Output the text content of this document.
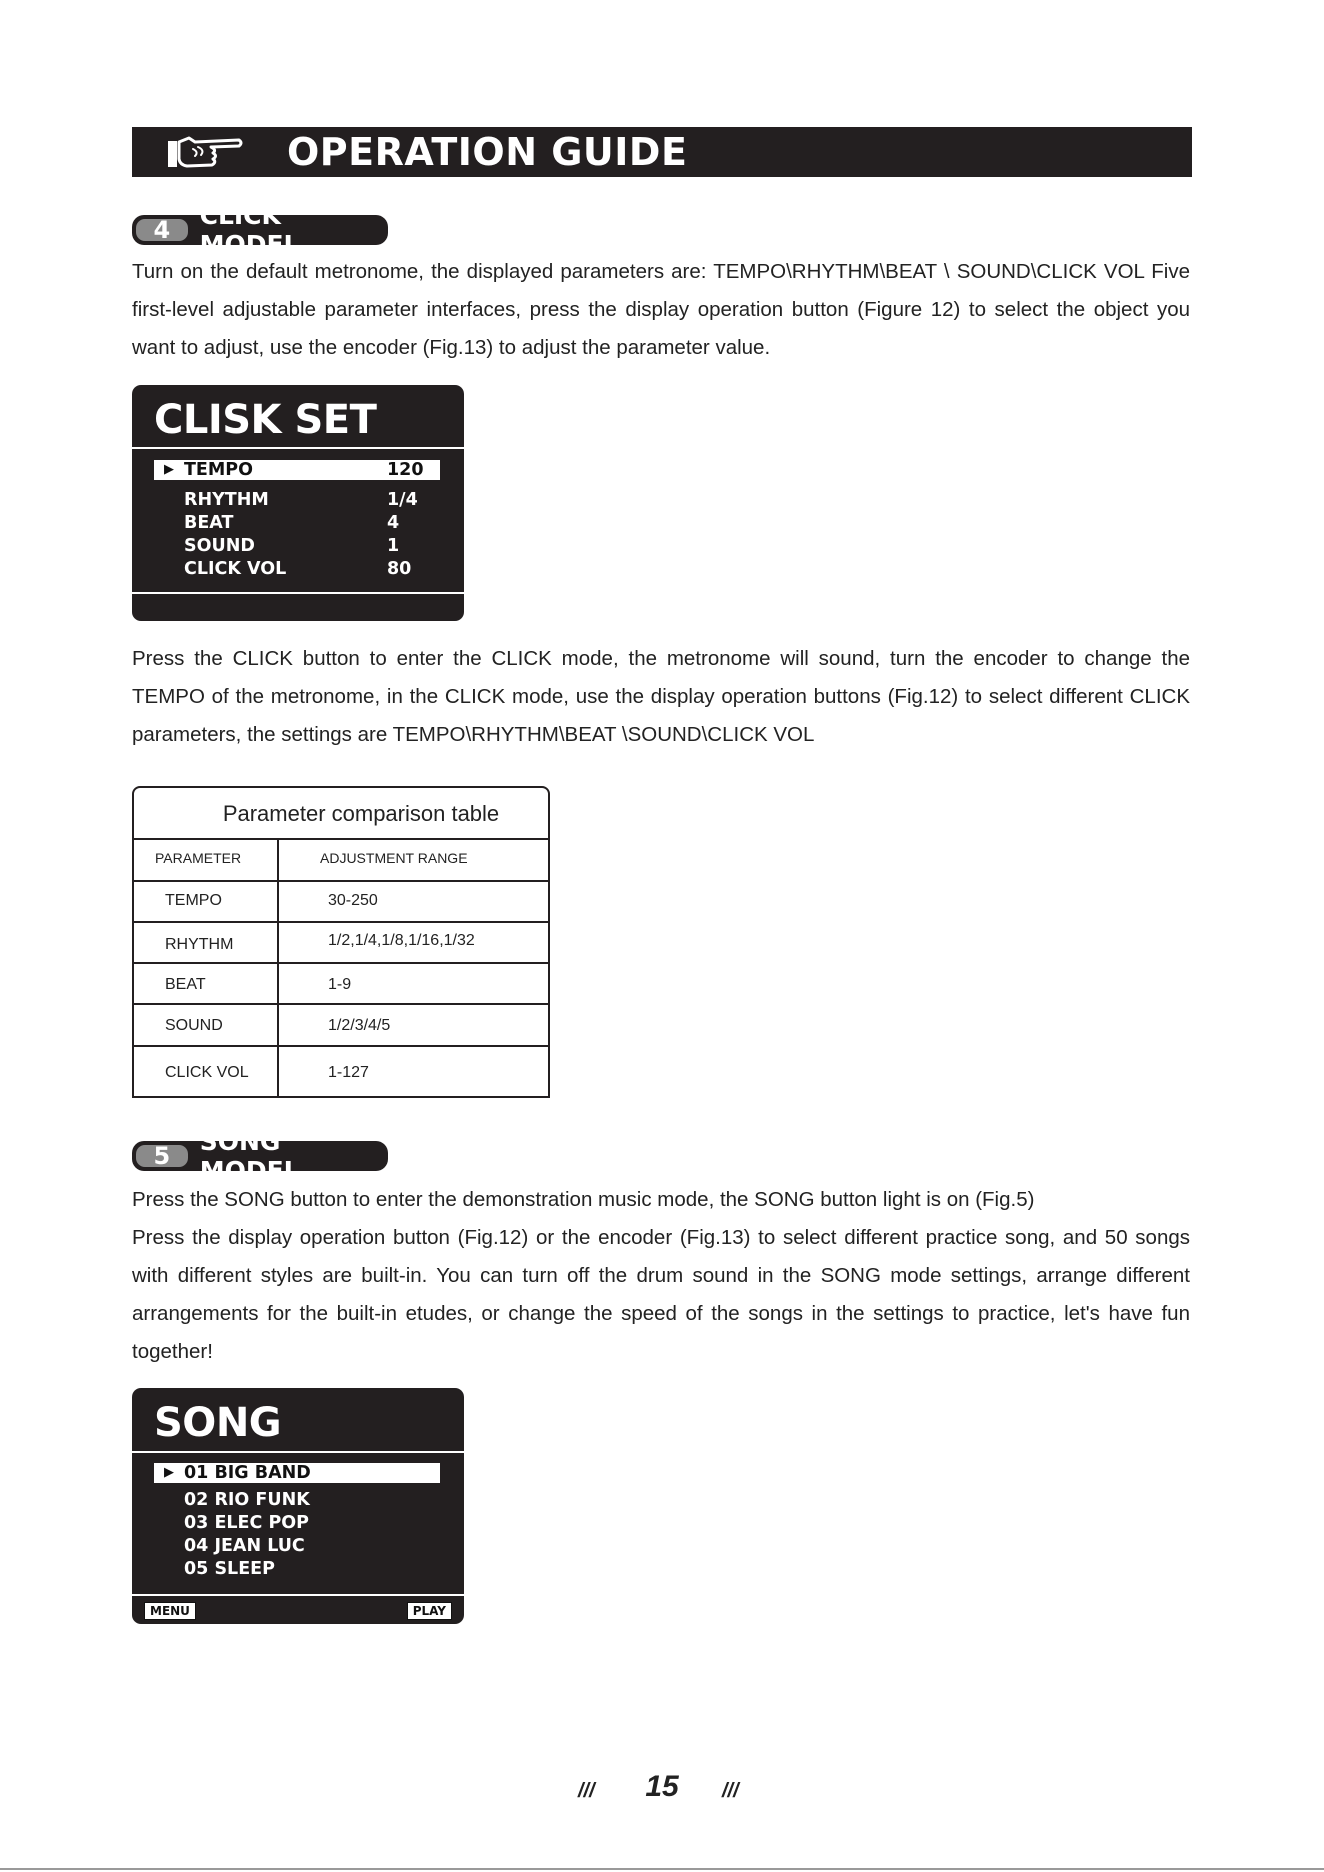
OPERATION GUIDE
4	CLICK MODEL

Turn on the default metronome, the displayed parameters are: TEMPO\RHYTHM\BEAT \ SOUND\CLICK VOL Five first-level adjustable parameter interfaces, press the display operation button (Figure 12) to select the object you want to adjust, use the encoder (Fig.13) to adjust the parameter value.

CLISK SET
▶ TEMPO	120
RHYTHM	1/4
BEAT	4
SOUND	1
CLICK VOL	80

Press the CLICK button to enter the CLICK mode, the metronome will sound, turn the encoder to change the TEMPO of the metronome, in the CLICK mode, use the display operation buttons (Fig.12) to select different CLICK parameters, the settings are TEMPO\RHYTHM\BEAT \SOUND\CLICK VOL

Parameter comparison table
PARAMETER	ADJUSTMENT RANGE
TEMPO	30-250
RHYTHM	1/2,1/4,1/8,1/16,1/32
BEAT	1-9
SOUND	1/2/3/4/5
CLICK VOL	1-127
5	SONG MODEL

Press the SONG button to enter the demonstration music mode, the SONG button light is on (Fig.5)

Press the display operation button (Fig.12) or the encoder (Fig.13) to select different practice song, and 50 songs with different styles are built-in. You can turn off the drum sound in the SONG mode settings, arrange different arrangements for the built-in etudes, or change the speed of the songs in the settings to practice, let's have fun together!

SONG
▶ 01 BIG BAND
02 RIO FUNK
03 ELEC POP
04 JEAN LUC
05 SLEEP
MENU	PLAY
/// 15 ///
